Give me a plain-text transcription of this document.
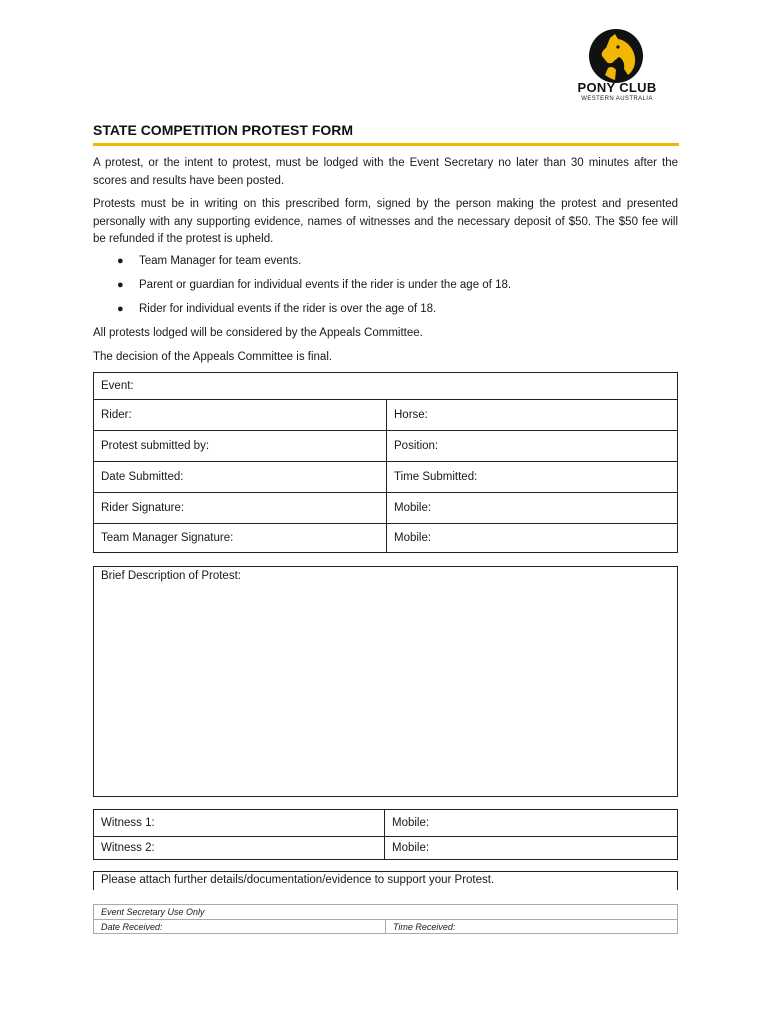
PONY CLUB
WESTERN AUSTRALIA
STATE COMPETITION PROTEST FORM
A protest, or the intent to protest, must be lodged with the Event Secretary no later than 30 minutes after the scores and results have been posted.
Protests must be in writing on this prescribed form, signed by the person making the protest and presented personally with any supporting evidence, names of witnesses and the necessary deposit of $50. The $50 fee will be refunded if the protest is upheld.
● Team Manager for team events.
● Parent or guardian for individual events if the rider is under the age of 18.
● Rider for individual events if the rider is over the age of 18.
All protests lodged will be considered by the Appeals Committee.
The decision of the Appeals Committee is final.
Event:
Rider:	Horse:
Protest submitted by:	Position:
Date Submitted:	Time Submitted:
Rider Signature:	Mobile:
Team Manager Signature:	Mobile:
Brief Description of Protest:
Witness 1:	Mobile:
Witness 2:	Mobile:
Please attach further details/documentation/evidence to support your Protest.
Event Secretary Use Only
Date Received:	Time Received:
